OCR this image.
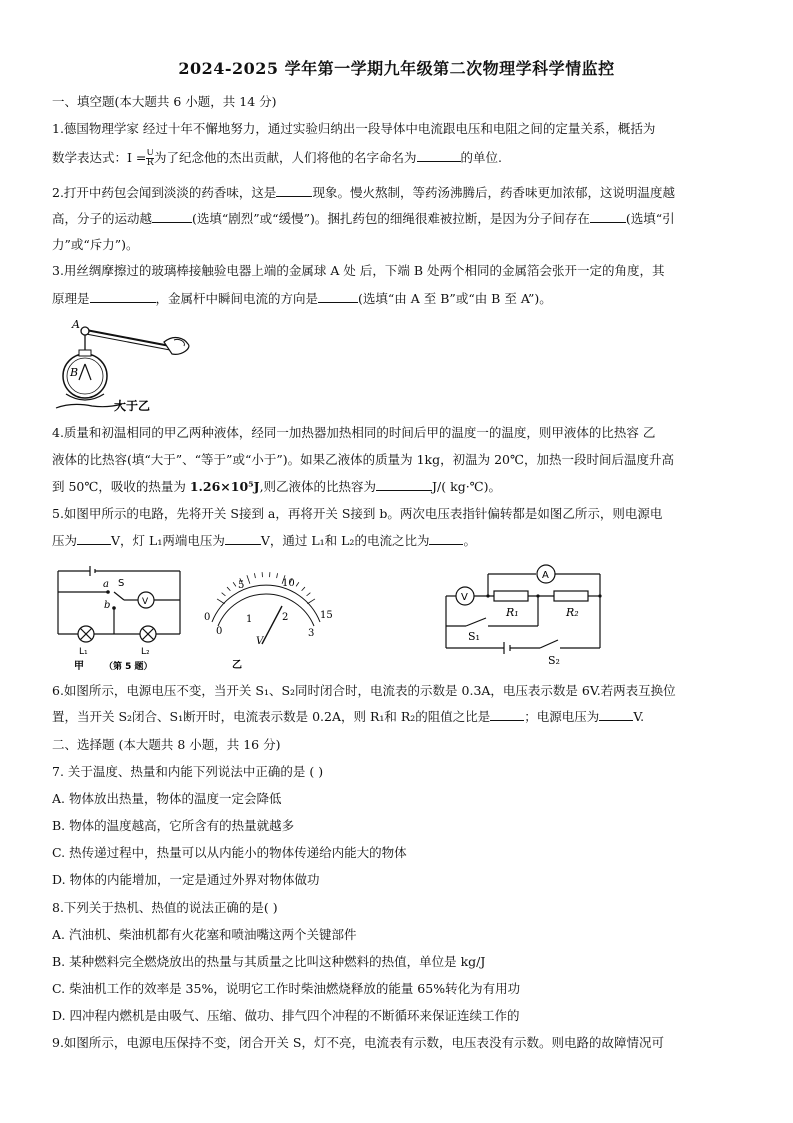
2024-2025 学年第一学期九年级第二次物理学科学情监控
一、填空题(本大题共 6 小题，共 14 分)
1.德国物理学家 经过十年不懈地努力，通过实验归纳出一段导体中电流跟电压和电阻之间的定量关系，概括为
数学表达式：$I = \frac{U}{R}$ 为了纪念他的杰出贡献，人们将他的名字命名为	的单位.
2.打开中药包会闻到淡淡的药香味，这是	现象。慢火熬制，等药汤沸腾后，药香味更加浓郁，这说明温度越
高，分子的运动越	(选填“剧烈”或“缓慢”)。捆扎药包的细绳很难被拉断，是因为分子间存在	(选填“引
力”或“斥力”)。
3.用丝绸摩擦过的玻璃棒接触验电器上端的金属球 A 处 后，下端 B 处两个相同的金属箔会张开一定的角度，其
原理是	，金属杆中瞬间电流的方向是	(选填“由 A 至 B”或“由 B 至 A”)。
A
B
大于乙
4.质量和初温相同的甲乙两种液体，经同一加热器加热相同的时间后甲的温度一的温度，则甲液体的比热容 乙
液体的比热容(填“大于”、“等于”或“小于”)。如果乙液体的质量为 1kg，初温为 20℃，加热一段时间后温度升高
到 50℃，吸收的热量为 1.26×10⁵J,则乙液体的比热容为	J/( kg·℃)。
5.如图甲所示的电路，先将开关 S接到 a，再将开关 S接到 b。两次电压表指针偏转都是如图乙所示，则电源电
压为	V，灯 L₁两端电压为	V，通过 L₁和 L₂的电流之比为	。
a
b
S
V
L₁	L₂
甲 （第 5 题）
0
5	10
15
0
1	2
3
V
乙
V
A
R₁	R₂
S₁
S₂
6.如图所示，电源电压不变，当开关 S₁、S₂同时闭合时，电流表的示数是 0.3A，电压表示数是 6V.若两表互换位
置，当开关 S₂闭合、S₁断开时，电流表示数是 0.2A，则 R₁和 R₂的阻值之比是	；电源电压为	V.
二、选择题 (本大题共 8 小题，共 16 分)
7. 关于温度、热量和内能下列说法中正确的是 ( )
A. 物体放出热量，物体的温度一定会降低
B. 物体的温度越高，它所含有的热量就越多
C. 热传递过程中，热量可以从内能小的物体传递给内能大的物体
D. 物体的内能增加，一定是通过外界对物体做功
8.下列关于热机、热值的说法正确的是( )
A. 汽油机、柴油机都有火花塞和喷油嘴这两个关键部件
B. 某种燃料完全燃烧放出的热量与其质量之比叫这种燃料的热值，单位是 kg/J
C. 柴油机工作的效率是 35%，说明它工作时柴油燃烧释放的能量 65%转化为有用功
D. 四冲程内燃机是由吸气、压缩、做功、排气四个冲程的不断循环来保证连续工作的
9.如图所示，电源电压保持不变，闭合开关 S，灯不亮，电流表有示数，电压表没有示数。则电路的故障情况可
